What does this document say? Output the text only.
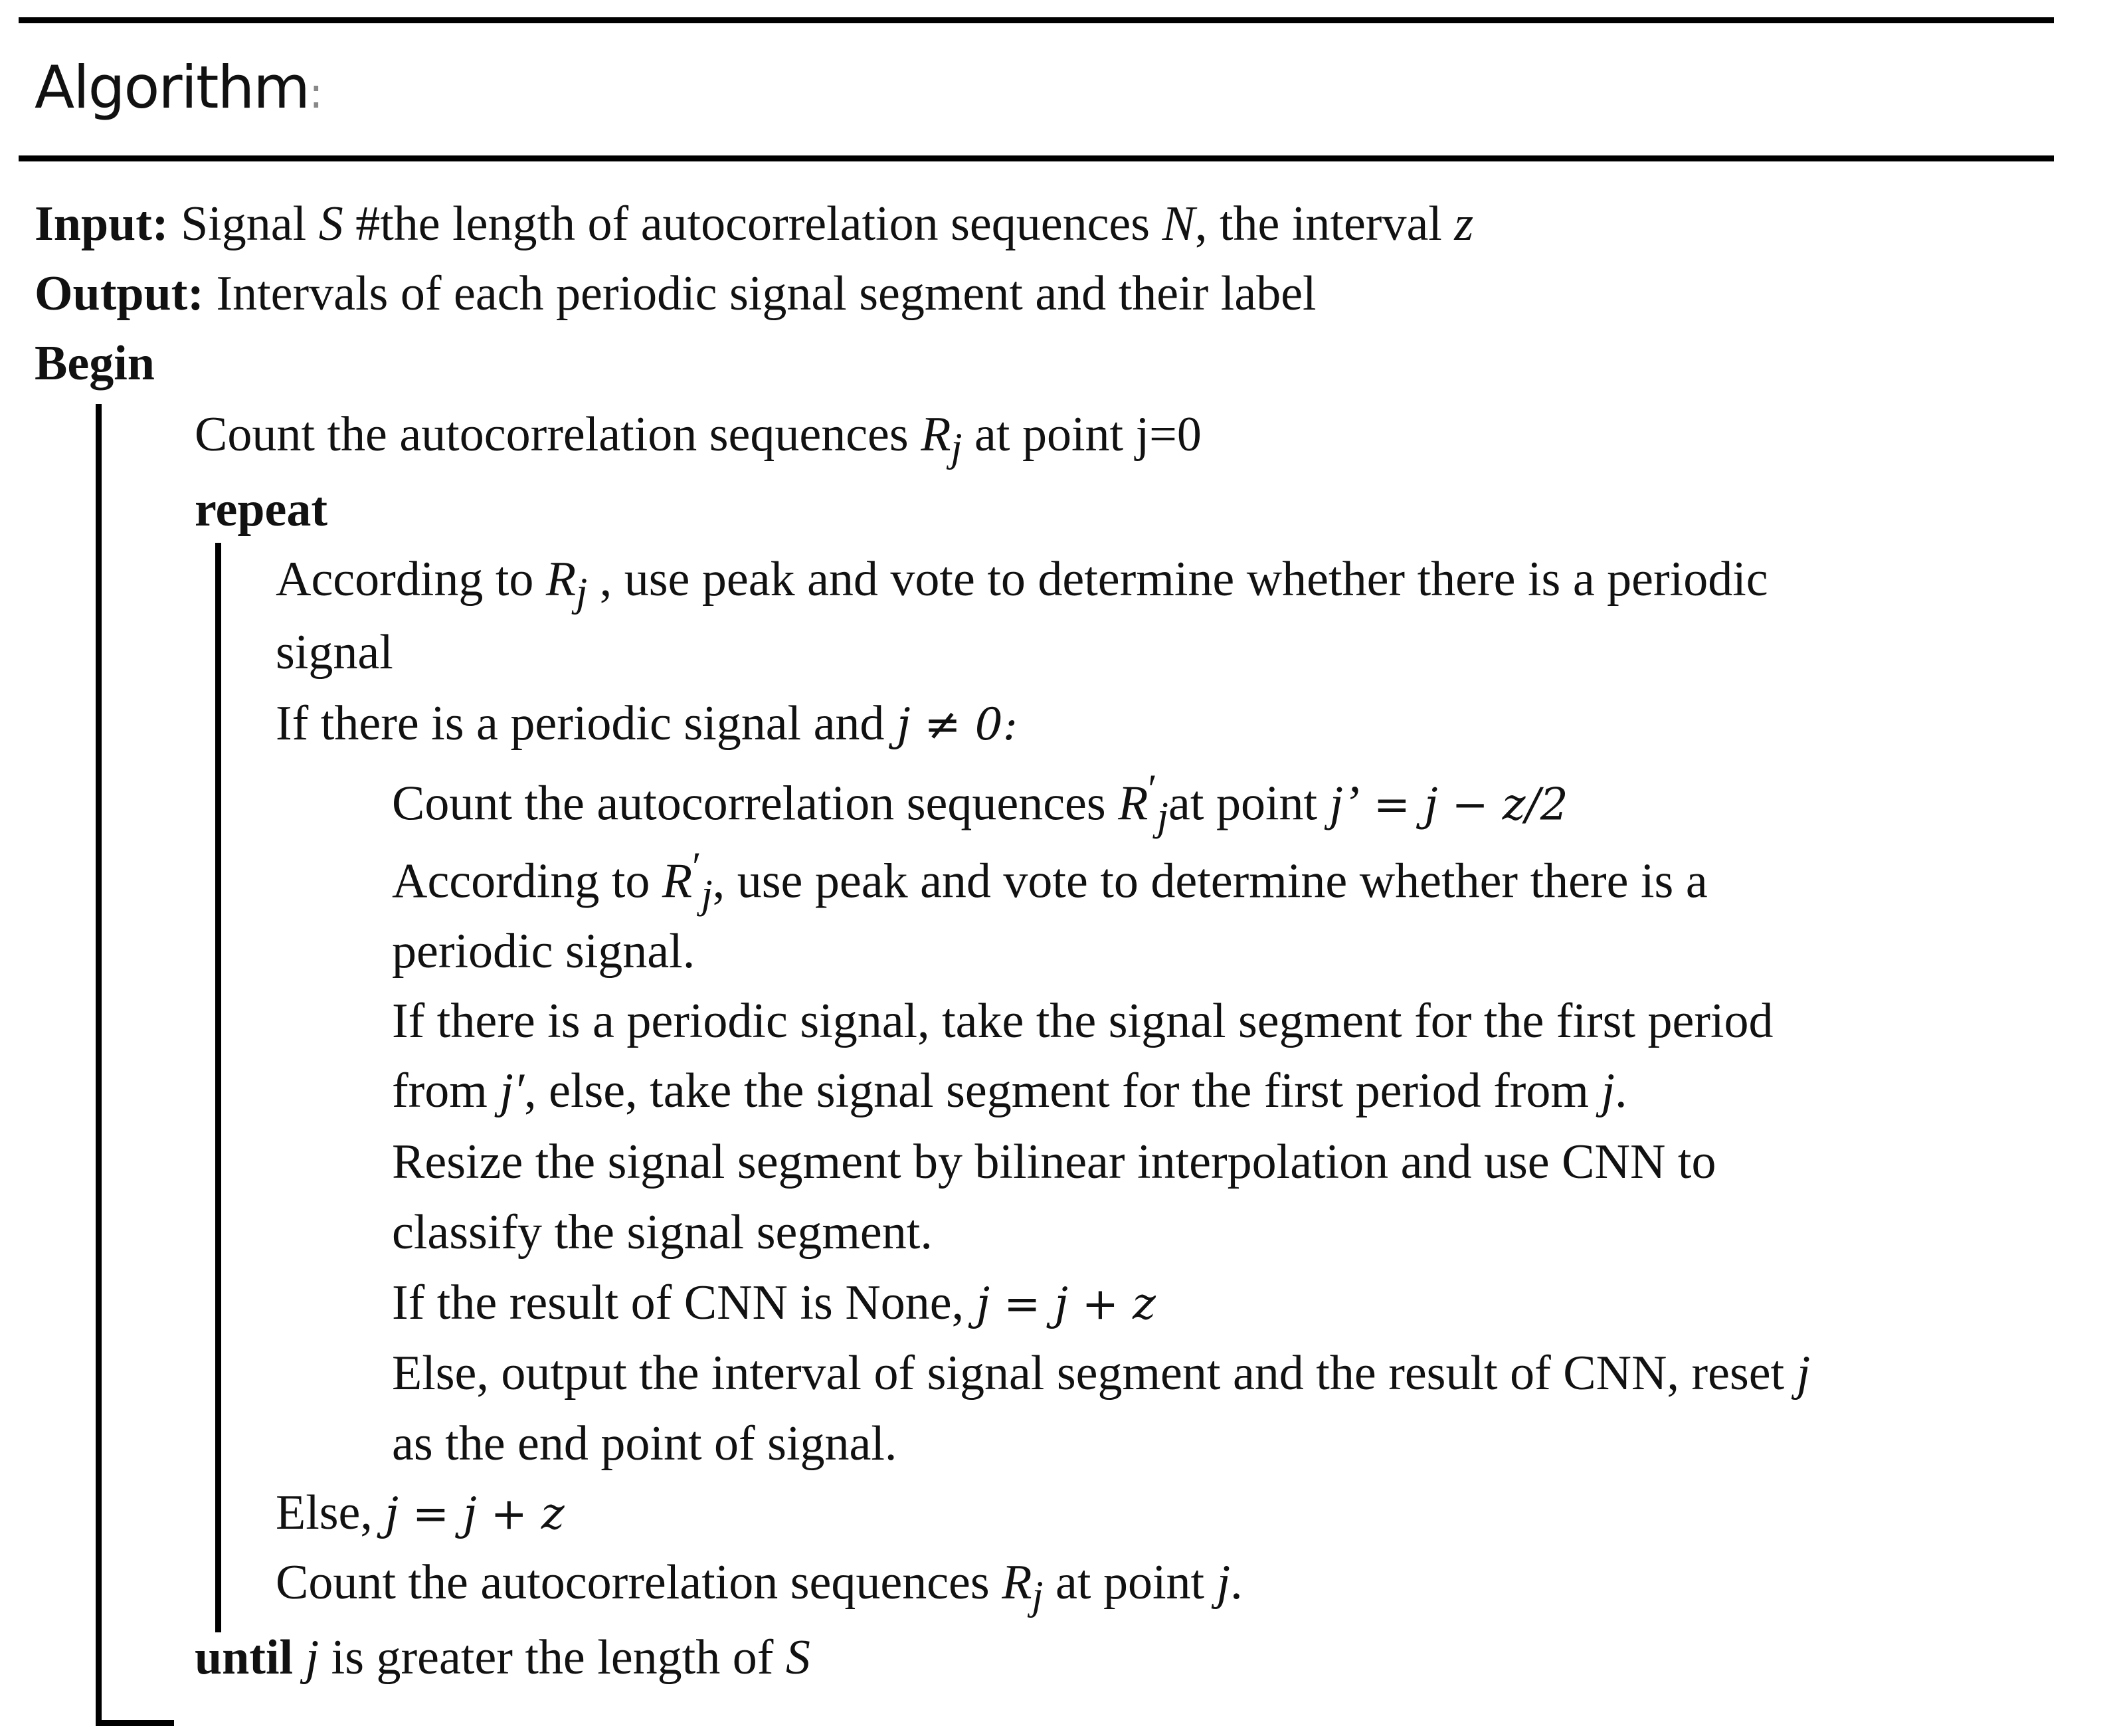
Algorithm:
Input: Signal S #the length of autocorrelation sequences N, the interval z
Output: Intervals of each periodic signal segment and their label
Begin
Count the autocorrelation sequences $R_j$ at point j=0
repeat
According to $R_j$ , use peak and vote to determine whether there is a periodic
signal
If there is a periodic signal and j ≠ 0:
Count the autocorrelation sequences $R'_jat$ point j’ = j − z/2
According to $R'_j$, use peak and vote to determine whether there is a
periodic signal.
If there is a periodic signal, take the signal segment for the first period
from j′, else, take the signal segment for the first period from j.
Resize the signal segment by bilinear interpolation and use CNN to
classify the signal segment.
If the result of CNN is None, j = j + z
Else, output the interval of signal segment and the result of CNN, reset j
as the end point of signal.
Else, j = j + z
Count the autocorrelation sequences $R_j$ at point j.
until j is greater the length of S
